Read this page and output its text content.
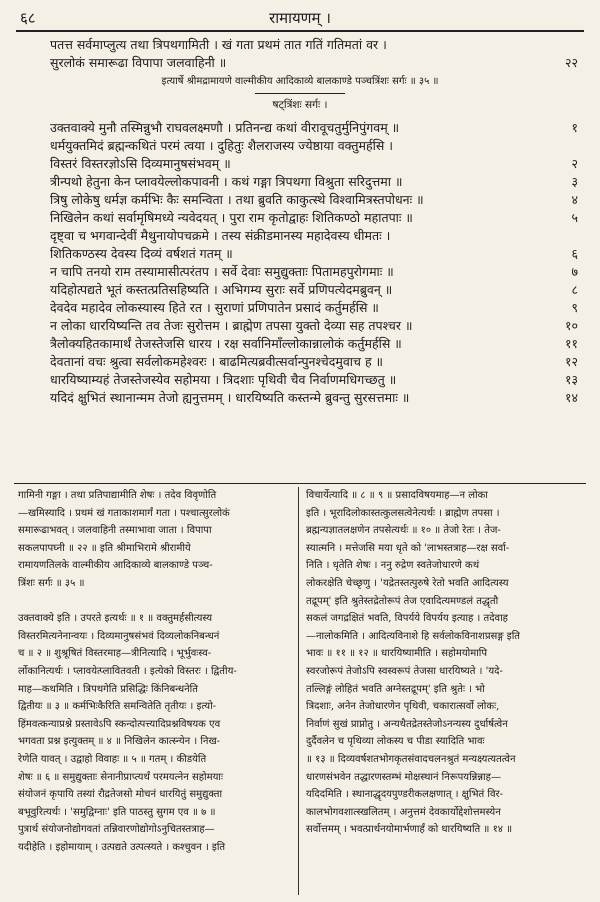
६८	रामायणम् ।
पतत्त सर्वमाप्लुत्य तथा त्रिपथगामिती । खं गता प्रथमं तात गतिं गतिमतां वर ।
सुरलोकं समारूढा विपापा जलवाहिनी ॥	२२
इत्यार्षे श्रीमद्रामायणे वाल्मीकीय आदिकाव्ये बालकाण्डे पञ्चत्रिंशः सर्गः ॥ ३५ ॥
षट्त्रिंशः सर्गः ।
उक्तवाक्ये मुनौ तस्मिन्नुभौ राघवलक्ष्मणौ । प्रतिनन्द्य कथां वीरावूचतुर्मुनिपुंगवम् ॥	१
धर्मयुक्तमिदं ब्रह्मन्कथितं परमं त्वया । दुहितुः शैलराजस्य ज्येष्ठाया वक्तुमर्हसि ।
विस्तरं विस्तरज्ञोऽसि दिव्यमानुषसंभवम् ॥	२
त्रीन्पथो हेतुना केन प्लावयेल्लोकपावनी । कथं गङ्गा त्रिपथगा विश्रुता सरिदुत्तमा ॥	३
त्रिषु लोकेषु धर्मज्ञ कर्मभिः कैः समन्विता । तथा ब्रुवति काकुत्स्थे विश्वामित्रस्तपोधनः ॥	४
निखिलेन कथां सर्वामृषिमध्ये न्यवेदयत् । पुरा राम कृतोद्वाहः शितिकण्ठो महातपाः ॥	५
दृष्ट्वा च भगवान्देवीं मैथुनायोपचक्रमे । तस्य संक्रीडमानस्य महादेवस्य धीमतः ।
शितिकण्ठस्य देवस्य दिव्यं वर्षशतं गतम् ॥	६
न चापि तनयो राम तस्यामासीत्परंतप । सर्वे देवाः समुद्युक्ताः पितामहपुरोगमाः ॥	७
यदिहोत्पद्यते भूतं कस्तत्प्रतिसहिष्यति । अभिगम्य सुराः सर्वे प्रणिपत्येदमब्रुवन् ॥	८
देवदेव महादेव लोकस्यास्य हिते रत । सुराणां प्रणिपातेन प्रसादं कर्तुमर्हसि ॥	९
न लोका धारयिष्यन्ति तव तेजः सुरोत्तम । ब्राह्मेण तपसा युक्तो देव्या सह तपश्चर ॥	१०
त्रैलोक्यहितकामार्थं तेजस्तेजसि धारय । रक्ष सर्वानिमाँल्लोकान्नालोकं कर्तुमर्हसि ॥	११
देवतानां वचः श्रुत्वा सर्वलोकमहेश्वरः । बाढमित्यब्रवीत्सर्वान्पुनश्चेदमुवाच ह ॥	१२
धारयिष्याम्यहं तेजस्तेजस्येव सहोमया । त्रिदशाः पृथिवी चैव निर्वाणमधिगच्छतु ॥	१३
यदिदं क्षुभितं स्थानान्मम तेजो ह्यनुत्तमम् । धारयिष्यति कस्तन्मे ब्रुवन्तु सुरसत्तमाः ॥	१४
गामिनी गङ्गा । तथा प्रतिपाद्यामीति शेषः । तदेव विवृणोति
—खमिस्यादि । प्रथमं खं गताकाशमार्गं गता । पश्चात्सुरलोकं
समारूढाभवत् । जलवाहिनी तस्माभावा जाता । विपापा
सकलपापघ्नी ॥ २२ ॥ इति श्रीमाभिरामे श्रीरामीये
रामायणतिलके वाल्मीकीय आदिकाव्ये बालकाण्डे पञ्च-
त्रिंशः सर्गः ॥ ३५ ॥
उक्तवाक्ये इति । उपरते इत्यर्थः ॥ १ ॥ वक्तुमर्हसीत्यस्य
विस्तरमित्यनेनान्वयः । दिव्यमानुषसंभवं दिव्यलोकनिबन्धनं
च ॥ २ ॥ शुश्रूषितं विस्तरमाह—त्रीनित्यादि । भूर्भुवःस्व-
र्लोकानित्यर्थः । प्लावयेत्प्लावितवती । इत्येको विस्तरः । द्वितीय-
माह—कथमिति । त्रिपथगेति प्रसिद्धिः किंनिबन्धनेति
द्वितीयः ॥ ३ ॥ कर्मभिःकैरिति समन्वितेति तृतीयः । इत्यो-
हिंमवत्कन्याप्रश्ने प्रस्तावेऽपि स्कन्दोत्पत्त्यादिप्रश्नविषयक एव
भगवता प्रश्न इत्युक्तम् ॥ ४ ॥ निखिलेन कात्स्न्येन । निख-
रेणेति यावत् । उद्वाहो विवाहः ॥ ५ ॥ गतम् । कीडयेति
शेषः ॥ ६ ॥ समुद्युक्ताः सेनानीप्राप्त्यर्थं परमयत्नेन सहोमयाः
संयोजनं कृपायि तस्यां रौद्रतेजसो मोचनं धारयितुं समुद्युक्ता
बभूवुरित्यर्थः । 'समुद्विग्नाः' इति पाठस्तु सुगम एव ॥ ७ ॥
पुत्रार्थ संयोजनोद्योगवतां तन्निवारणोद्योगोऽनुचितस्तत्राह—
यदीहेति । इहोमायाम् । उत्पद्यते उत्पत्स्यते । कश्चुवन । इति
विचार्येत्यादि ॥ ८ ॥ ९ ॥ प्रसादविषयमाह—न लोका
इति । भूरादिलोकास्तत्कुलसत्वेनेत्यर्थः । ब्राह्मेण तपसा ।
ब्रह्मन्यज्ञातलक्षणेन तपसेत्यर्थः ॥ १० ॥ तेजो रेतः । तेज-
स्यात्मनि । मत्तेजसि मया धृते को 'लाभस्तत्राह—रक्ष सर्वा-
निति । धृतेति शेषः । ननु रुद्रेण स्वतेजोधारणे कथं
लोकरक्षेति चेच्छृणु । 'यद्रेतस्तत्पुरुषे रेतो भवति आदित्यस्य
तद्रूपम्' इति श्रुतेस्तद्रेतोरूपं तेज एवादित्यमण्डलं तद्धृतौ
सकलं जगद्रक्षितं भवति, विपर्यये विपर्यय इत्याह । तदेवाह
—नालोकमिति । आदित्यविनाशे हि सर्वलोकविनाशप्रसङ्ग इति
भावः ॥ ११ ॥ १२ ॥ धारयिष्यामीति । सहोमयोमापि
स्वरजोरूपं तेजोऽपि स्वस्वरूपं तेजसा धारयिष्यते । 'यदे-
तल्लिङ्गं लोहितं भवति अग्नेस्तद्रूपम्' इति श्रुतेः । भो
त्रिदशाः, अनेन तेजोधारणेन पृथिवी, चकारात्सर्वो लोकः,
निर्वाणं सुखं प्राप्नोतु । अन्यथैतद्रेतस्तेजोऽनन्यस्य दुर्धार्षत्वेन
दुर्दैवलेन च पृथिव्या लोकस्य च पीडा स्यादिति भावः
॥ १३ ॥ दिव्यवर्षशतभोगकृतसंवादचलनश्रुतं मन्यक्ष्यत्यतत्वेन
धारणसंभवेन तद्धारणस्तम्भं मोक्षस्थानं निरूपयन्निन्नाह—
यदिदमिति । स्थानाद्धृदयपुण्डरीकलक्षणात् । क्षुभितं विर-
कालभोगवशात्स्खलितम् । अनुत्तमं देवकार्योद्देशोत्तमस्येन
सर्वोत्तमम् । भवत्प्रार्थनयोमार्भणार्हं को धारयिष्यति ॥ १४ ॥
